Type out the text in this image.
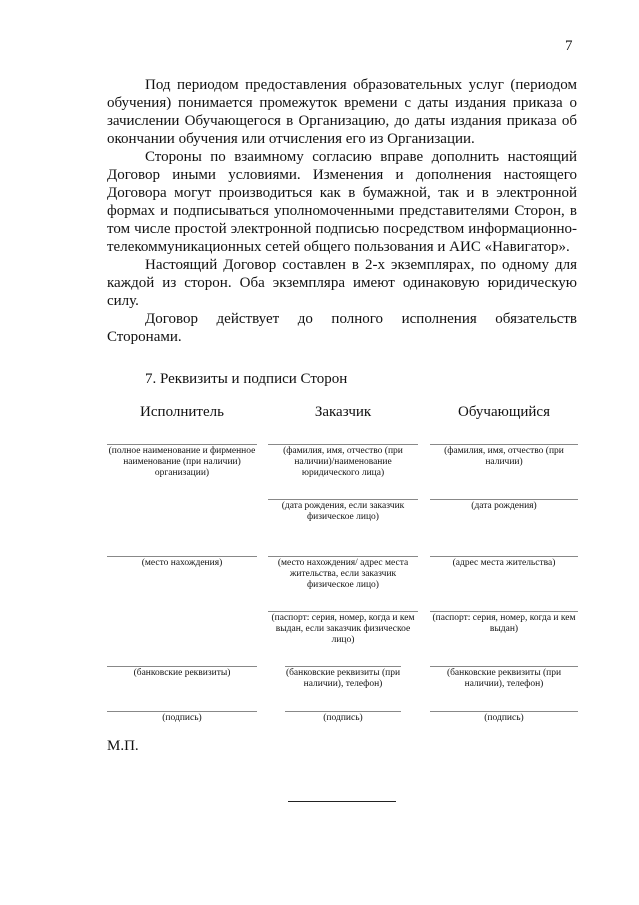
7

Под периодом предоставления образовательных услуг (периодом обучения) понимается промежуток времени с даты издания приказа о зачислении Обучающегося в Организацию, до даты издания приказа об окончании обучения или отчисления его из Организации.

Стороны по взаимному согласию вправе дополнить настоящий Договор иными условиями. Изменения и дополнения настоящего Договора могут производиться как в бумажной, так и в электронной формах и подписываться уполномоченными представителями Сторон, в том числе простой электронной подписью посредством информационно-телекоммуникационных сетей общего пользования и АИС «Навигатор».

Настоящий Договор составлен в 2-х экземплярах, по одному для каждой из сторон. Оба экземпляра имеют одинаковую юридическую силу.

Договор действует до полного исполнения обязательств Сторонами.

7. Реквизиты и подписи Сторон
Исполнитель	Заказчик	Обучающийся
(полное наименование и фирменное наименование (при наличии) организации)
(место нахождения)
(банковские реквизиты)
(подпись)
(фамилия, имя, отчество (при наличии)/наименование юридического лица)
(дата рождения, если заказчик физическое лицо)
(место нахождения/ адрес места жительства, если заказчик физическое лицо)
(паспорт: серия, номер, когда и кем выдан, если заказчик физическое лицо)
(банковские реквизиты (при наличии), телефон)
(подпись)
(фамилия, имя, отчество (при наличии)
(дата рождения)
(адрес места жительства)
(паспорт: серия, номер, когда и кем выдан)
(банковские реквизиты (при наличии), телефон)
(подпись)
М.П.
